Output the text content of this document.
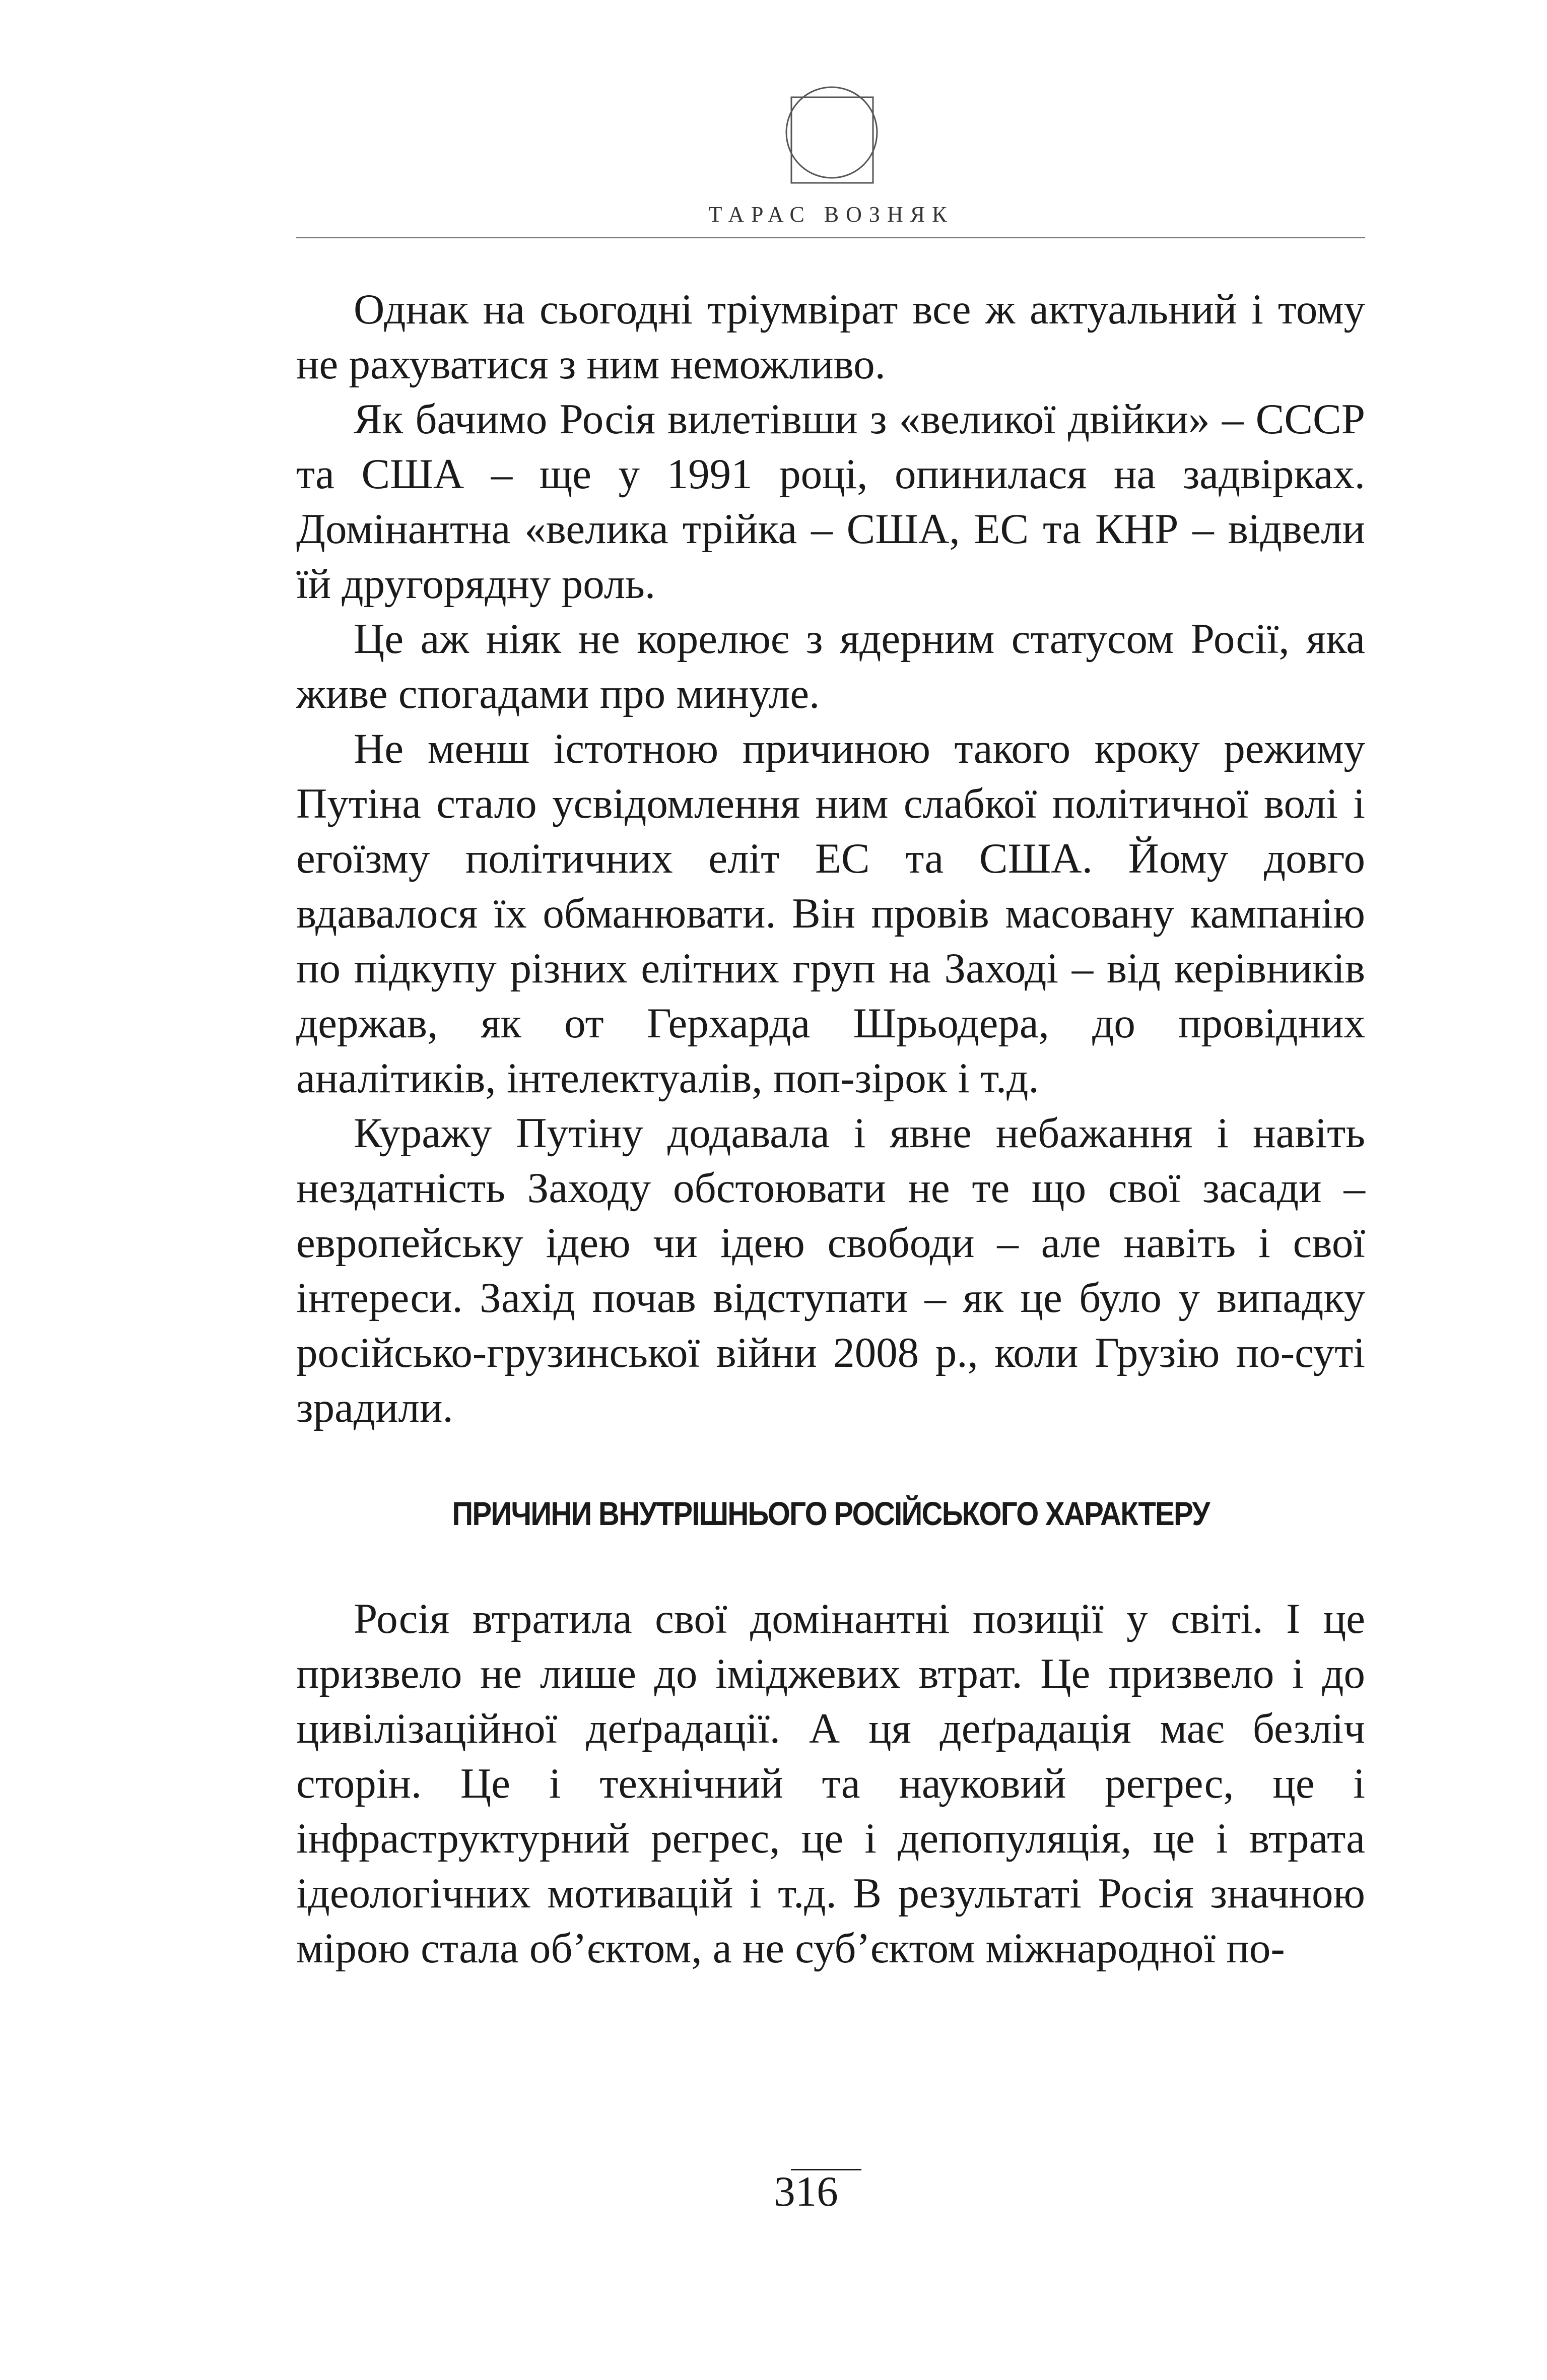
ТАРАС ВОЗНЯК

Однак на сьогодні тріумвірат все ж актуальний і тому не рахуватися з ним неможливо.

Як бачимо Росія вилетівши з «великої двійки» – СССР та США – ще у 1991 році, опинилася на задвірках. Домінантна «велика трійка – США, ЕС та КНР – відвели їй другорядну роль.

Це аж ніяк не корелює з ядерним статусом Росії, яка живе спогадами про минуле.

Не менш істотною причиною такого кроку режиму Путіна стало усвідомлення ним слабкої політичної волі і егоїзму політичних еліт ЕС та США. Йому довго вдавалося їх обманювати. Він провів масовану кампанію по підкупу різних елітних груп на Заході – від керівників держав, як от Герхарда Шрьодера, до провідних аналітиків, інтелектуалів, поп-зірок і т.д.

Куражу Путіну додавала і явне небажання і навіть нездатність Заходу обстоювати не те що свої засади – европейську ідею чи ідею свободи – але навіть і свої інтереси. Захід почав відступати – як це було у випадку російсько-грузинської війни 2008 р., коли Грузію по-суті зрадили.

ПРИЧИНИ ВНУТРІШНЬОГО РОСІЙСЬКОГО ХАРАКТЕРУ

Росія втратила свої домінантні позиції у світі. І це призвело не лише до іміджевих втрат. Це призвело і до цивілізаційної деґрадації. А ця деґрадація має безліч сторін. Це і технічний та науковий регрес, це і інфраструктурний регрес, це і депопуляція, це і втрата ідеологічних мотивацій і т.д. В результаті Росія значною мірою стала об’єктом, а не суб’єктом міжнародної по-

316
